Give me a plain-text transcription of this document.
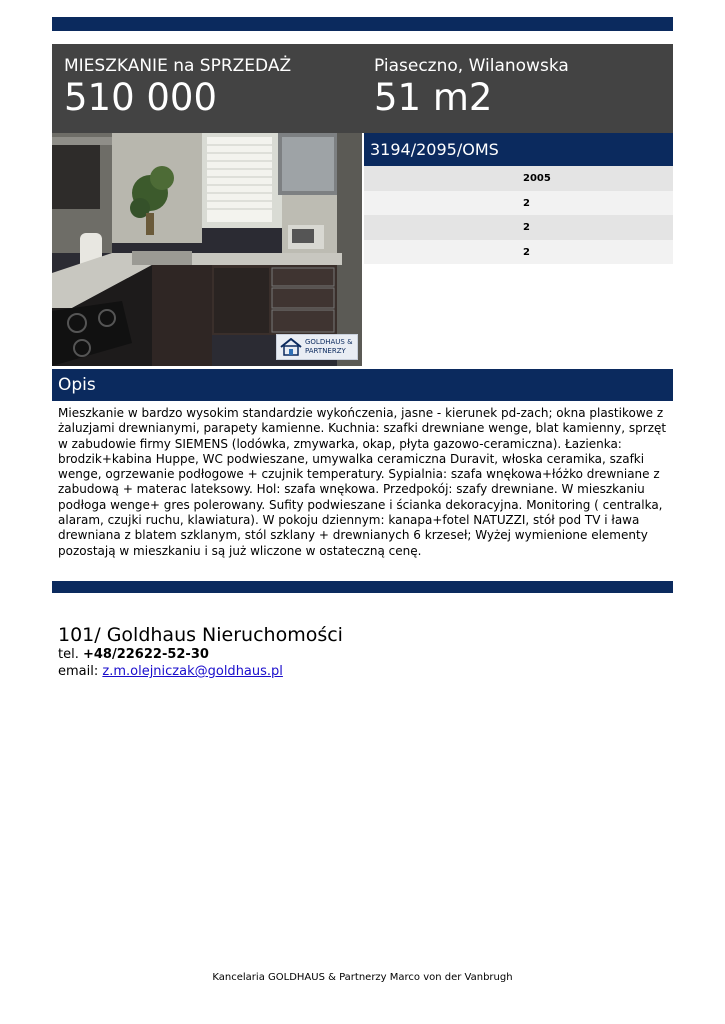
MIESZKANIE na SPRZEDAŻ
510 000
Piaseczno, Wilanowska
51 m2
GOLDHAUS &
PARTNERZY
3194/2095/OMS
2005
2
2
2
Opis
Mieszkanie w bardzo wysokim standardzie wykończenia, jasne - kierunek pd-zach; okna plastikowe z żaluzjami drewnianymi, parapety kamienne. Kuchnia: szafki drewniane wenge, blat kamienny, sprzęt w zabudowie firmy SIEMENS (lodówka, zmywarka, okap, płyta gazowo-ceramiczna). Łazienka: brodzik+kabina Huppe, WC podwieszane, umywalka ceramiczna Duravit, włoska ceramika, szafki wenge, ogrzewanie podłogowe + czujnik temperatury. Sypialnia: szafa wnękowa+łóżko drewniane z zabudową + materac lateksowy. Hol: szafa wnękowa. Przedpokój: szafy drewniane. W mieszkaniu podłoga wenge+ gres polerowany. Sufity podwieszane i ścianka dekoracyjna. Monitoring ( centralka, alaram, czujki ruchu, klawiatura). W pokoju dziennym: kanapa+fotel NATUZZI, stół pod TV i ława drewniana z blatem szklanym, stól szklany + drewnianych 6 krzeseł; Wyżej wymienione elementy pozostają w mieszkaniu i są już wliczone w ostateczną cenę.
101/ Goldhaus Nieruchomości
tel. +48/22622-52-30
email: z.m.olejniczak@goldhaus.pl
Kancelaria GOLDHAUS & Partnerzy Marco von der Vanbrugh
